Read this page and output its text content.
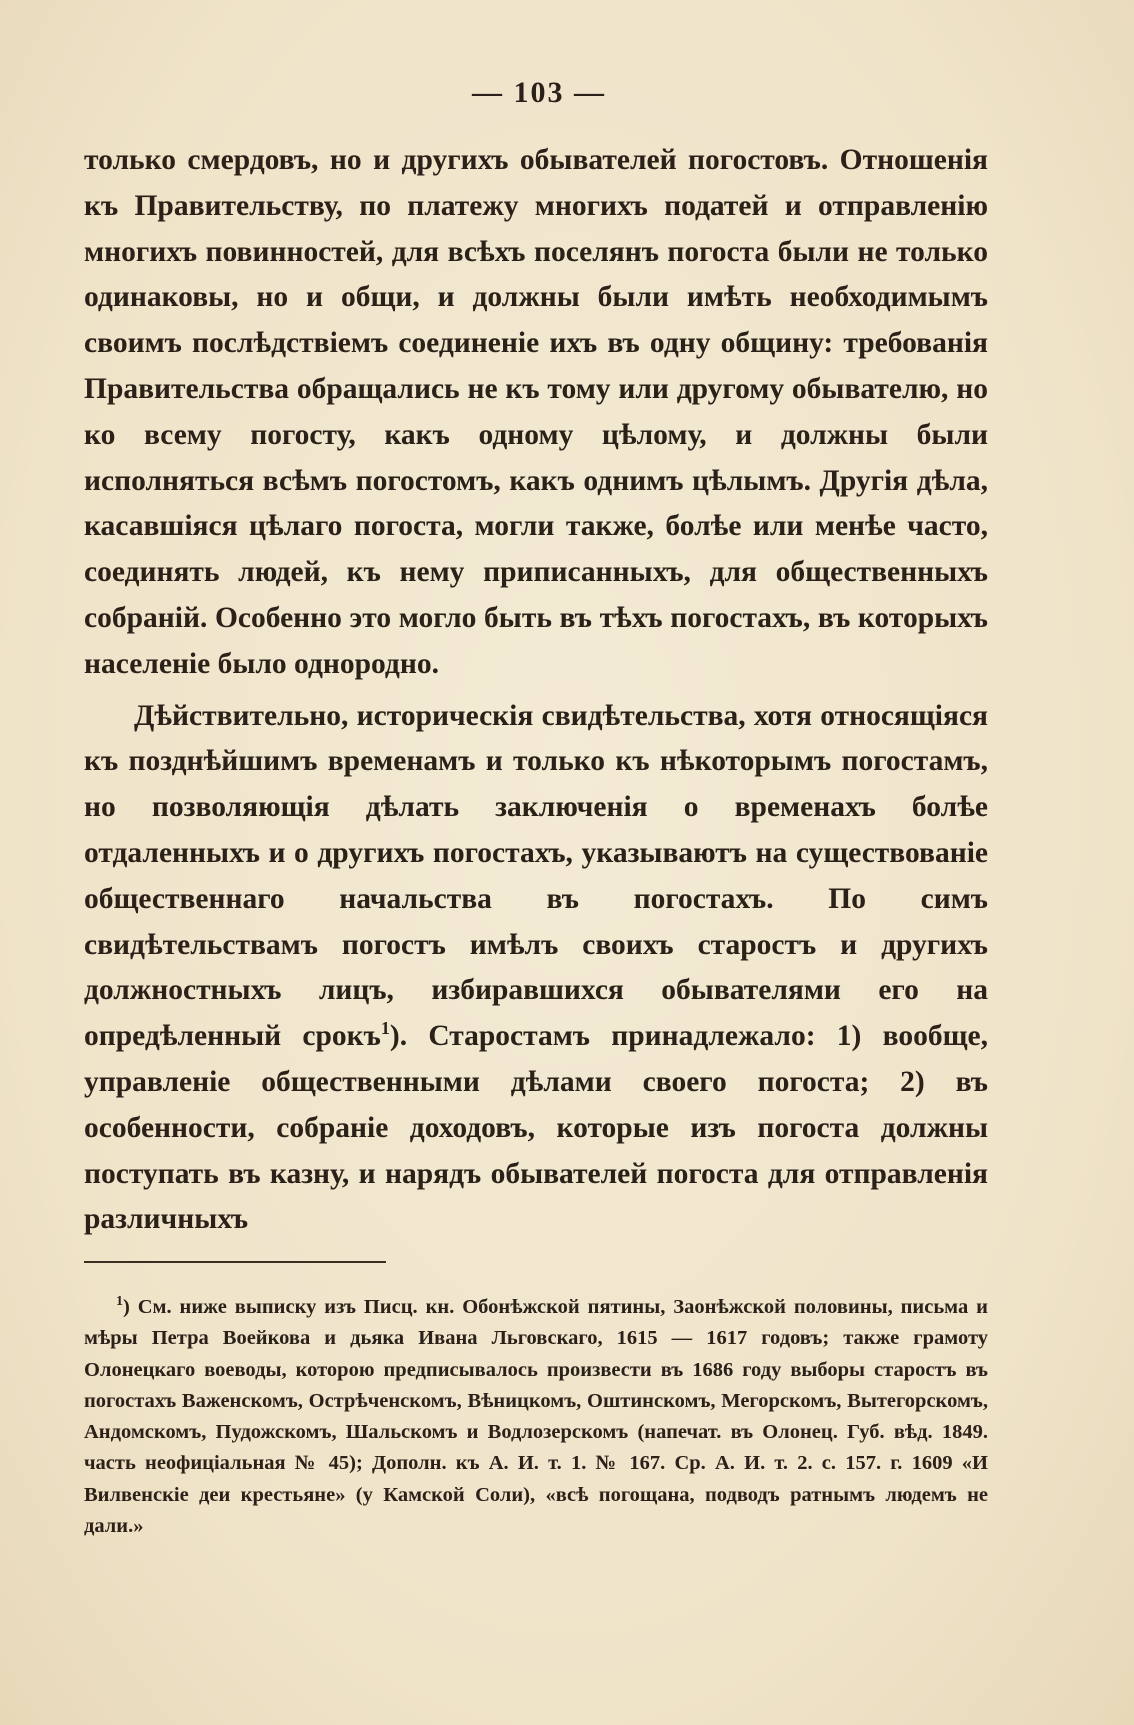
— 103 —

только смердовъ, но и другихъ обывателей погостовъ. Отношенія къ Правительству, по платежу многихъ податей и отправленію многихъ повинностей, для всѣхъ поселянъ погоста были не только одинаковы, но и общи, и должны были имѣть необходимымъ своимъ послѣдствіемъ соединеніе ихъ въ одну общину: требованія Правительства обращались не къ тому или другому обывателю, но ко всему погосту, какъ одному цѣлому, и должны были исполняться всѣмъ погостомъ, какъ однимъ цѣлымъ. Другія дѣла, касавшіяся цѣлаго погоста, могли также, болѣе или менѣе часто, соединять людей, къ нему приписанныхъ, для общественныхъ собраній. Особенно это могло быть въ тѣхъ погостахъ, въ которыхъ населеніе было однородно.

Дѣйствительно, историческія свидѣтельства, хотя относящіяся къ позднѣйшимъ временамъ и только къ нѣкоторымъ погостамъ, но позволяющія дѣлать заключенія о временахъ болѣе отдаленныхъ и о другихъ погостахъ, указываютъ на существованіе общественнаго начальства въ погостахъ. По симъ свидѣтельствамъ погостъ имѣлъ своихъ старостъ и другихъ должностныхъ лицъ, избиравшихся обывателями его на опредѣленный срокъ$^1$). Старостамъ принадлежало: 1) вообще, управленіе общественными дѣлами своего погоста; 2) въ особенности, собраніе доходовъ, которые изъ погоста должны поступать въ казну, и нарядъ обывателей погоста для отправленія различныхъ

$^1$) См. ниже выписку изъ Писц. кн. Обонѣжской пятины, Заонѣжской половины, письма и мѣры Петра Воейкова и дьяка Ивана Льговскаго, 1615 — 1617 годовъ; также грамоту Олонецкаго воеводы, которою предписывалось произвести въ 1686 году выборы старостъ въ погостахъ Важенскомъ, Острѣченскомъ, Вѣницкомъ, Оштинскомъ, Мегорскомъ, Вытегорскомъ, Андомскомъ, Пудожскомъ, Шальскомъ и Водлозерскомъ (напечат. въ Олонец. Губ. вѣд. 1849. часть неофиціальная № 45); Дополн. къ А. И. т. 1. № 167. Ср. А. И. т. 2. с. 157. г. 1609 «И Вилвенскіе деи крестьяне» (у Камской Соли), «всѣ погощана, подводъ ратнымъ людемъ не дали.»
